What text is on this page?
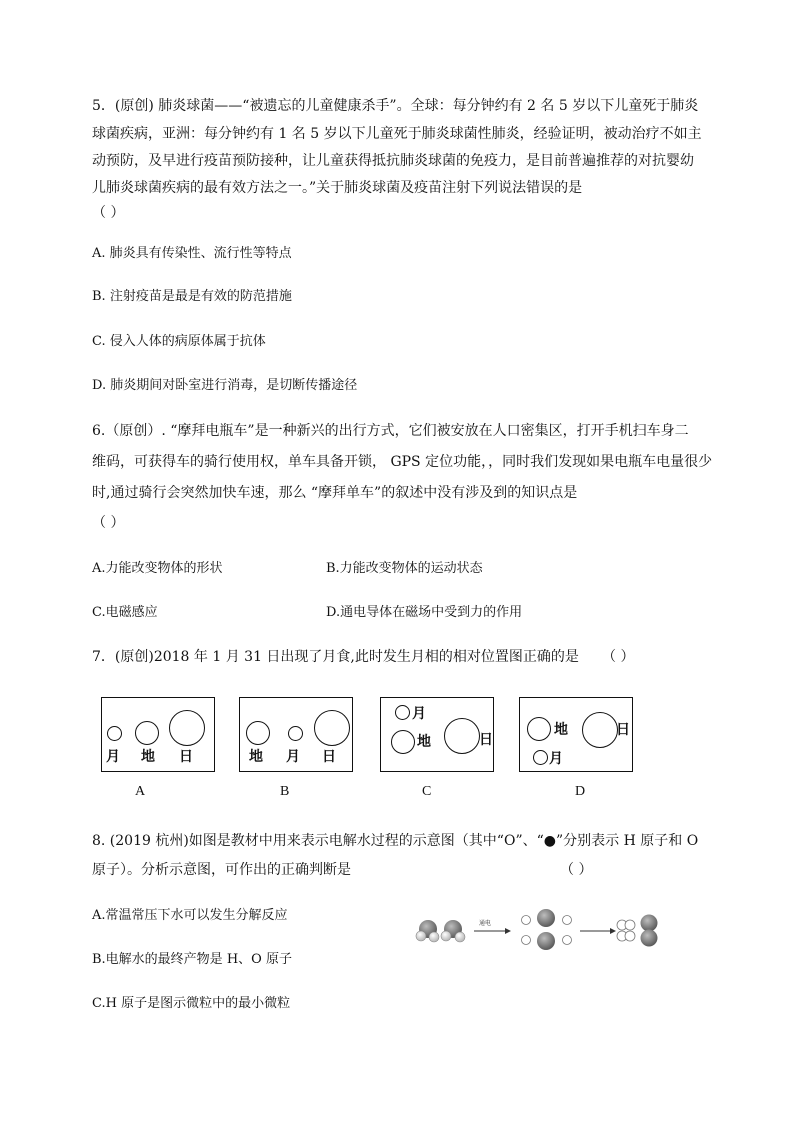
5．(原创) 肺炎球菌——“被遗忘的儿童健康杀手”。全球：每分钟约有 2 名 5 岁以下儿童死于肺炎
球菌疾病，亚洲：每分钟约有 1 名 5 岁以下儿童死于肺炎球菌性肺炎，经验证明，被动治疗不如主
动预防，及早进行疫苗预防接种，让儿童获得抵抗肺炎球菌的免疫力，是目前普遍推荐的对抗婴幼
儿肺炎球菌疾病的最有效方法之一。”关于肺炎球菌及疫苗注射下列说法错误的是
（ ）
A. 肺炎具有传染性、流行性等特点
B. 注射疫苗是最是有效的防范措施
C. 侵入人体的病原体属于抗体
D. 肺炎期间对卧室进行消毒，是切断传播途径
6.（原创）. “摩拜电瓶车”是一种新兴的出行方式，它们被安放在人口密集区，打开手机扫车身二
维码，可获得车的骑行使用权，单车具备开锁， GPS 定位功能，，同时我们发现如果电瓶车电量很少
时,通过骑行会突然加快车速，那么 “摩拜单车”的叙述中没有涉及到的知识点是
（ ）
A.力能改变物体的形状	B.力能改变物体的运动状态
C.电磁感应	D.通电导体在磁场中受到力的作用
7．(原创)2018 年 1 月 31 日出现了月食,此时发生月相的相对位置图正确的是 （ ）
月 地 日
A
地 月 日
B
月
地	日
C
地	日
月
D
8. (2019 杭州)如图是教材中用来表示电解水过程的示意图（其中“O”、“●”分别表示 H 原子和 O
原子）。分析示意图，可作出的正确判断是	（ ）
A.常温常压下水可以发生分解反应
B.电解水的最终产物是 H、O 原子
C.H 原子是图示微粒中的最小微粒
通电
